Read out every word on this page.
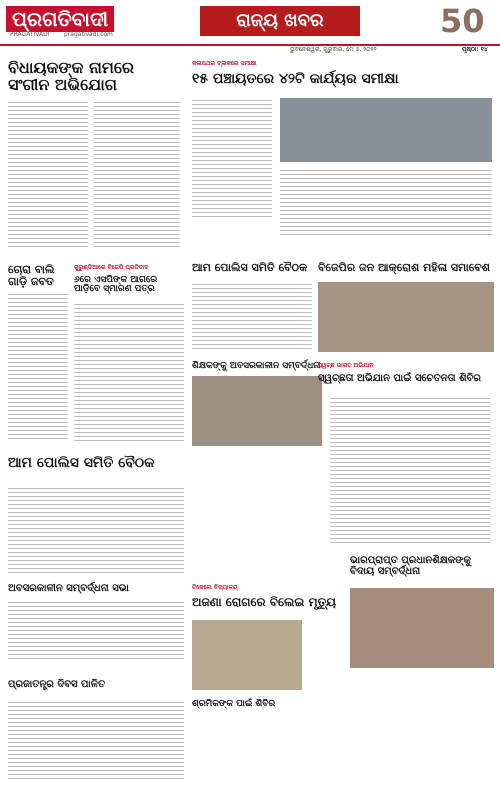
ପ୍ରଗତିବାଦୀ
PRAGATIVADI pragativadi.com
ରାଜ୍ୟ ଖବର	50
ଭୁବନେଶ୍ୱର, ଗୁରୁବାର, ମେ ୫, ୨୦୨୨	ପୃଷ୍ଠା: ୧୪
ବିଧାୟକଙ୍କ ନାମରେ ସଂଗୀନ ଅଭିଯୋଗ
କଳାପଥର ବ୍ଲକରେ ସମୀକ୍ଷା
୧୫ ପଞ୍ଚାୟତରେ ୪୨ଟି କାର୍ଯ୍ୟର ସମୀକ୍ଷା
ଆମ ପୋଲିସ ସମିତି ବୈଠକ ବିଜେପିର ଜନ ଆକ୍ରୋଶ ମହିଳା ସମାବେଶ
ଚୋରା ବାଲି ଗାଡ଼ି ଜବତ
ଗୁରୁଣ୍ଡିଆରେ ବିଜେପି ପ୍ରତିବାଦ
୬ରେ ଏସପିଙ୍କ ଆଗରେ ପାଡ଼ିବେ ସ୍ମାରଣ ପତ୍ର
ଶିକ୍ଷକଙ୍କୁ ଅବସରକାଳୀନ ସମ୍ବର୍ଦ୍ଧନା
ସ୍ୱଚ୍ଛ ଭାରତ ଅଭିଯାନ
ସ୍ୱଚ୍ଛତା ଅଭିଯାନ ପାଇଁ ସଚେତନତା ଶିବିର
ଆମ ପୋଲିସ ସମିତି ବୈଠକ
ଅବସରକାଳୀନ ସମ୍ବର୍ଦ୍ଧନା ସଭା	ଟିକେଲେ ବିଦ୍ୟାଳୟ
ଅଜଣା ରୋଗରେ ବିଲେଇ ମୃତ୍ୟୁ
ଶ୍ରମିକଙ୍କ ପାଇଁ ଶିବିର
ଭାରପ୍ରାପ୍ତ ପ୍ରଧାନଶିକ୍ଷକଙ୍କୁ ବିଦାୟ ସମ୍ବର୍ଦ୍ଧନା
ପ୍ରଜାତନ୍ତ୍ର ଦିବସ ପାଳିତ
